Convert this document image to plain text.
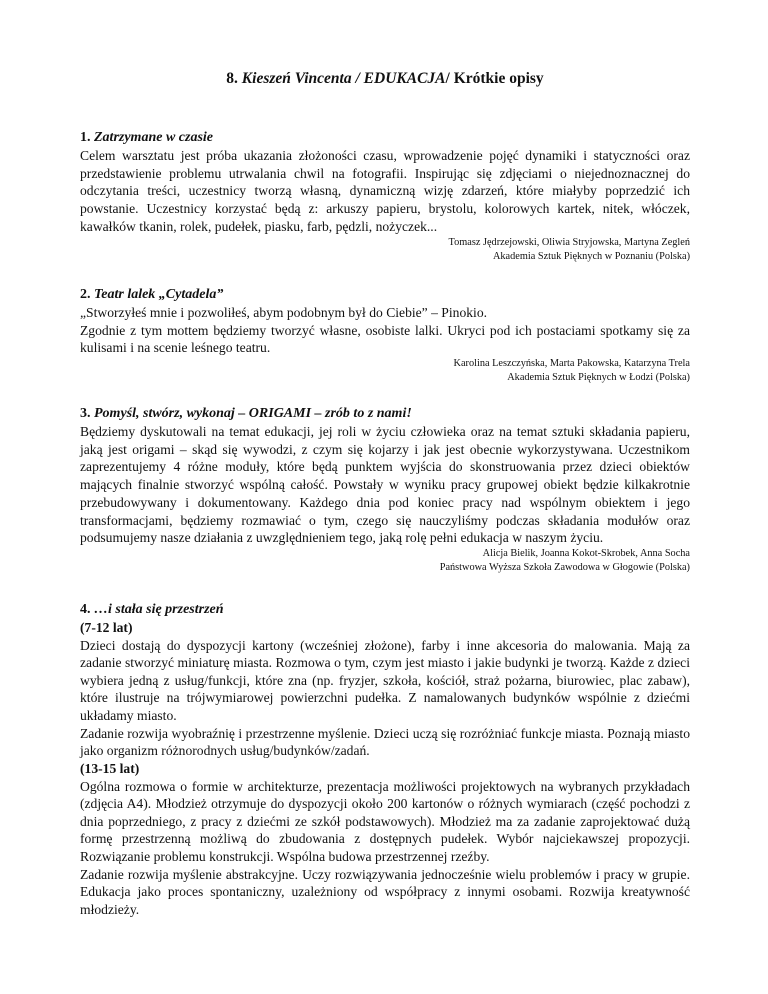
8. Kieszeń Vincenta / EDUKACJA/ Krótkie opisy
1. Zatrzymane w czasie

Celem warsztatu jest próba ukazania złożoności czasu, wprowadzenie pojęć dynamiki i statyczności oraz przedstawienie problemu utrwalania chwil na fotografii. Inspirując się zdjęciami o niejednoznacznej do odczytania treści, uczestnicy tworzą własną, dynamiczną wizję zdarzeń, które miałyby poprzedzić ich powstanie. Uczestnicy korzystać będą z: arkuszy papieru, brystolu, kolorowych kartek, nitek, włóczek, kawałków tkanin, rolek, pudełek, piasku, farb, pędzli, nożyczek...

Tomasz Jędrzejowski, Oliwia Stryjowska, Martyna Zegleń

Akademia Sztuk Pięknych w Poznaniu (Polska)

2. Teatr lalek „Cytadela”

„Stworzyłeś mnie i pozwoliłeś, abym podobnym był do Ciebie” – Pinokio.

Zgodnie z tym mottem będziemy tworzyć własne, osobiste lalki. Ukryci pod ich postaciami spotkamy się za kulisami i na scenie leśnego teatru.

Karolina Leszczyńska, Marta Pakowska, Katarzyna Trela

Akademia Sztuk Pięknych w Łodzi (Polska)

3. Pomyśl, stwórz, wykonaj – ORIGAMI – zrób to z nami!

Będziemy dyskutowali na temat edukacji, jej roli w życiu człowieka oraz na temat sztuki składania papieru, jaką jest origami – skąd się wywodzi, z czym się kojarzy i jak jest obecnie wykorzystywana. Uczestnikom zaprezentujemy 4 różne moduły, które będą punktem wyjścia do skonstruowania przez dzieci obiektów mających finalnie stworzyć wspólną całość. Powstały w wyniku pracy grupowej obiekt będzie kilkakrotnie przebudowywany i dokumentowany. Każdego dnia pod koniec pracy nad wspólnym obiektem i jego transformacjami, będziemy rozmawiać o tym, czego się nauczyliśmy podczas składania modułów oraz podsumujemy nasze działania z uwzględnieniem tego, jaką rolę pełni edukacja w naszym życiu.

Alicja Bielik, Joanna Kokot-Skrobek, Anna Socha

Państwowa Wyższa Szkoła Zawodowa w Głogowie (Polska)

4. …i stała się przestrzeń

(7-12 lat)

Dzieci dostają do dyspozycji kartony (wcześniej złożone), farby i inne akcesoria do malowania. Mają za zadanie stworzyć miniaturę miasta. Rozmowa o tym, czym jest miasto i jakie budynki je tworzą. Każde z dzieci wybiera jedną z usług/funkcji, które zna (np. fryzjer, szkoła, kościół, straż pożarna, biurowiec, plac zabaw), które ilustruje na trójwymiarowej powierzchni pudełka. Z namalowanych budynków wspólnie z dziećmi układamy miasto.

Zadanie rozwija wyobraźnię i przestrzenne myślenie. Dzieci uczą się rozróżniać funkcje miasta. Poznają miasto jako organizm różnorodnych usług/budynków/zadań.

(13-15 lat)

Ogólna rozmowa o formie w architekturze, prezentacja możliwości projektowych na wybranych przykładach (zdjęcia A4). Młodzież otrzymuje do dyspozycji około 200 kartonów o różnych wymiarach (część pochodzi z dnia poprzedniego, z pracy z dziećmi ze szkół podstawowych). Młodzież ma za zadanie zaprojektować dużą formę przestrzenną możliwą do zbudowania z dostępnych pudełek. Wybór najciekawszej propozycji. Rozwiązanie problemu konstrukcji. Wspólna budowa przestrzennej rzeźby.

Zadanie rozwija myślenie abstrakcyjne. Uczy rozwiązywania jednocześnie wielu problemów i pracy w grupie. Edukacja jako proces spontaniczny, uzależniony od współpracy z innymi osobami. Rozwija kreatywność młodzieży.
